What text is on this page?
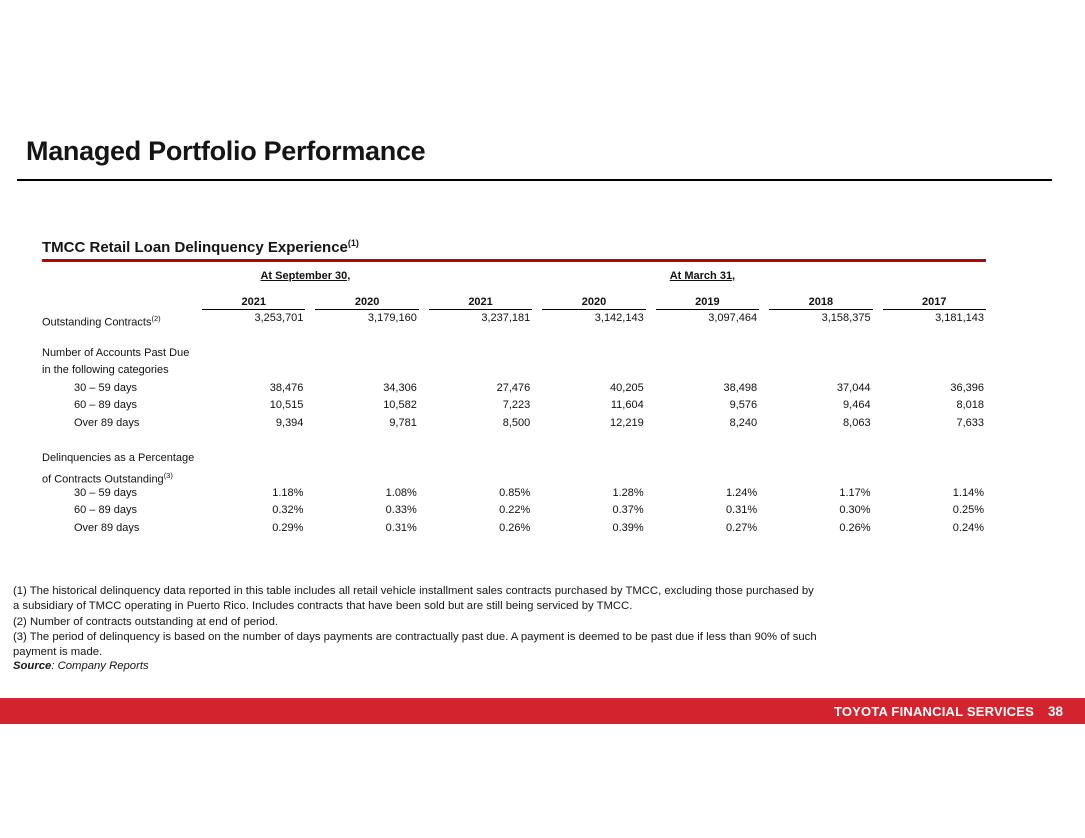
Managed Portfolio Performance
TMCC Retail Loan Delinquency Experience$^{(1)}$
At September 30,	At March 31,
2021	2020	2021	2020	2019	2018	2017
Outstanding Contracts$^{(2)}$	3,253,701	3,179,160	3,237,181	3,142,143	3,097,464	3,158,375	3,181,143
Number of Accounts Past Due
in the following categories
30 – 59 days	38,476	34,306	27,476	40,205	38,498	37,044	36,396
60 – 89 days	10,515	10,582	7,223	11,604	9,576	9,464	8,018
Over 89 days	9,394	9,781	8,500	12,219	8,240	8,063	7,633
Delinquencies as a Percentage
of Contracts Outstanding$^{(3)}$
30 – 59 days	1.18%	1.08%	0.85%	1.28%	1.24%	1.17%	1.14%
60 – 89 days	0.32%	0.33%	0.22%	0.37%	0.31%	0.30%	0.25%
Over 89 days	0.29%	0.31%	0.26%	0.39%	0.27%	0.26%	0.24%

(1) The historical delinquency data reported in this table includes all retail vehicle installment sales contracts purchased by TMCC, excluding those purchased by a subsidiary of TMCC operating in Puerto Rico. Includes contracts that have been sold but are still being serviced by TMCC.

(2) Number of contracts outstanding at end of period.

(3) The period of delinquency is based on the number of days payments are contractually past due. A payment is deemed to be past due if less than 90% of such payment is made.

Source: Company Reports
TOYOTA FINANCIAL SERVICES 38
